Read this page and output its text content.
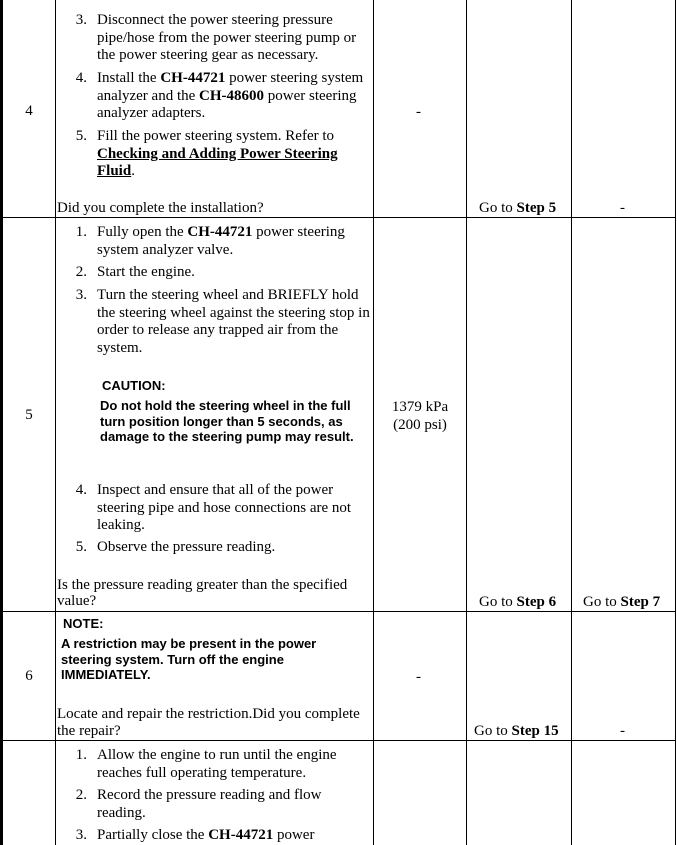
4
3. Disconnect the power steering pressure pipe/hose from the power steering pump or the power steering gear as necessary.
4. Install the CH-44721 power steering system analyzer and the CH-48600 power steering analyzer adapters.
5. Fill the power steering system. Refer to Checking and Adding Power Steering Fluid.
Did you complete the installation?
-
Go to Step 5	-
5
1. Fully open the CH-44721 power steering system analyzer valve.
2. Start the engine.
3. Turn the steering wheel and BRIEFLY hold the steering wheel against the steering stop in order to release any trapped air from the system.
CAUTION:
Do not hold the steering wheel in the full turn position longer than 5 seconds, as damage to the steering pump may result.
4. Inspect and ensure that all of the power steering pipe and hose connections are not leaking.
5. Observe the pressure reading.
Is the pressure reading greater than the specified value?
1379 kPa
(200 psi)
Go to Step 6 Go to Step 7
6
NOTE:
A restriction may be present in the power steering system. Turn off the engine IMMEDIATELY.
Locate and repair the restriction.Did you complete the repair?
-
Go to Step 15	-
1. Allow the engine to run until the engine reaches full operating temperature.
2. Record the pressure reading and flow reading.
3. Partially close the CH-44721 power
